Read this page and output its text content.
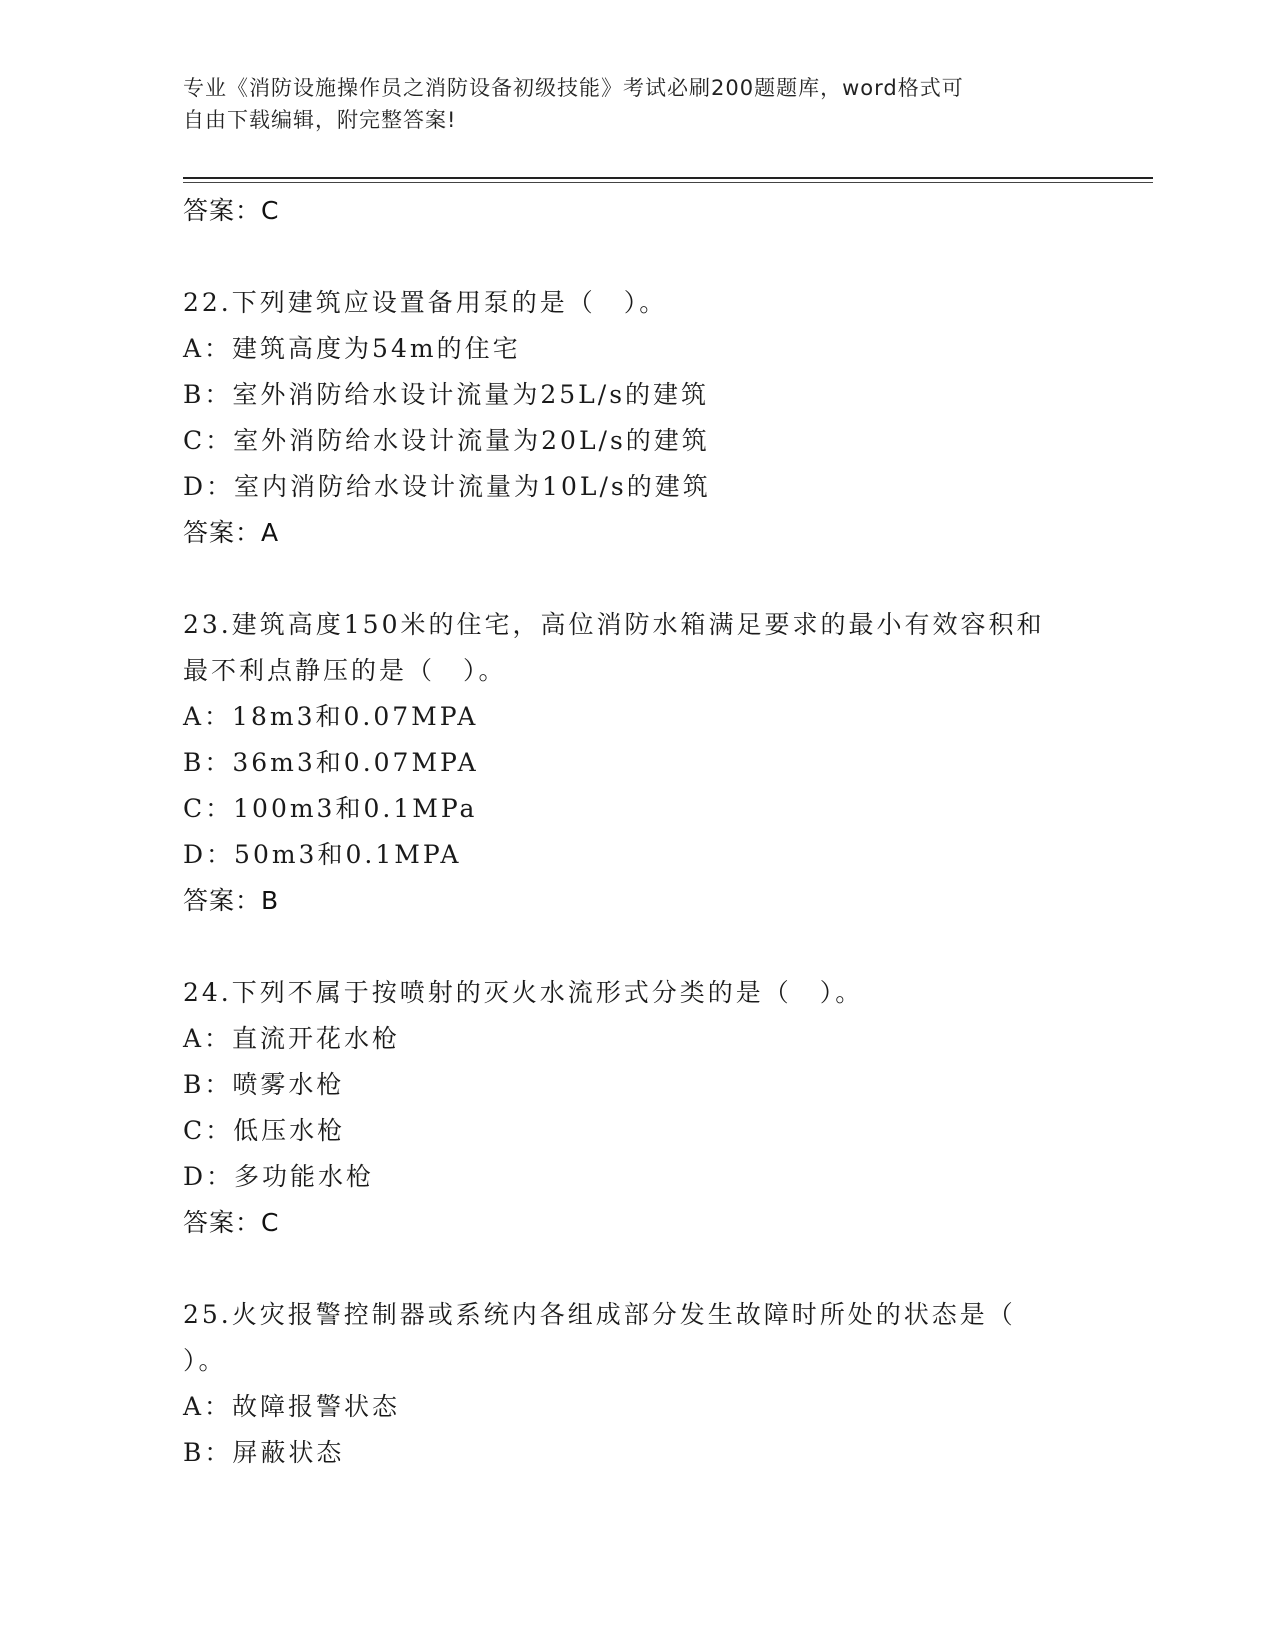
专业《消防设施操作员之消防设备初级技能》考试必刷200题题库，word格式可
自由下载编辑，附完整答案!
答案：C
22.下列建筑应设置备用泵的是（　）。
A：建筑高度为54m的住宅
B：室外消防给水设计流量为25L/s的建筑
C：室外消防给水设计流量为20L/s的建筑
D：室内消防给水设计流量为10L/s的建筑
答案：A
23.建筑高度150米的住宅，高位消防水箱满足要求的最小有效容积和
最不利点静压的是（　）。
A：18m3和0.07MPA
B：36m3和0.07MPA
C：100m3和0.1MPa
D：50m3和0.1MPA
答案：B
24.下列不属于按喷射的灭火水流形式分类的是（　）。
A：直流开花水枪
B：喷雾水枪
C：低压水枪
D：多功能水枪
答案：C
25.火灾报警控制器或系统内各组成部分发生故障时所处的状态是（
）。
A：故障报警状态
B：屏蔽状态
